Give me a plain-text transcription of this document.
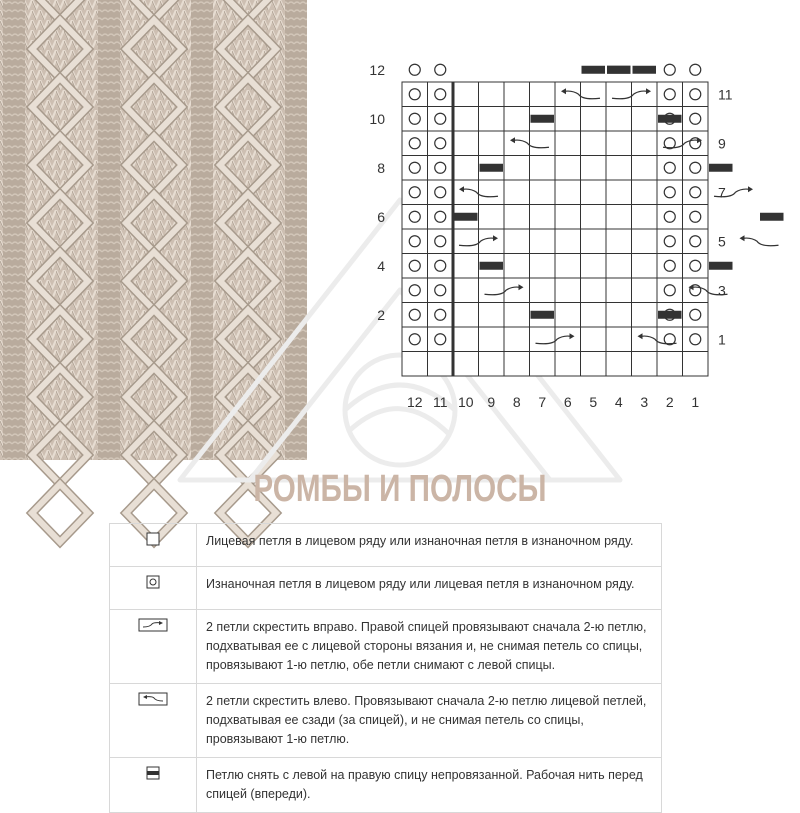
12
10
8
6
4
2
11
9
7
5
3
1
12 11 10 9 8 7 6 5 4 3 2 1
РОМБЫ И ПОЛОСЫ
	Лицевая петля в лицевом ряду или изнаночная петля в изнаночном ряду.
	Изнаночная петля в лицевом ряду или лицевая петля в изнаночном ряду.
	2 петли скрестить вправо. Правой спицей провязывают сначала 2-ю петлю, подхватывая ее с лицевой стороны вязания и, не снимая петель со спицы, провязывают 1-ю петлю, обе петли снимают с левой спицы.
	2 петли скрестить влево. Провязывают сначала 2-ю петлю лицевой петлей, подхватывая ее сзади (за спицей), и не снимая петель со спицы, провязывают 1-ю петлю.
	Петлю снять с левой на правую спицу непровязанной. Рабочая нить перед спицей (впереди).
